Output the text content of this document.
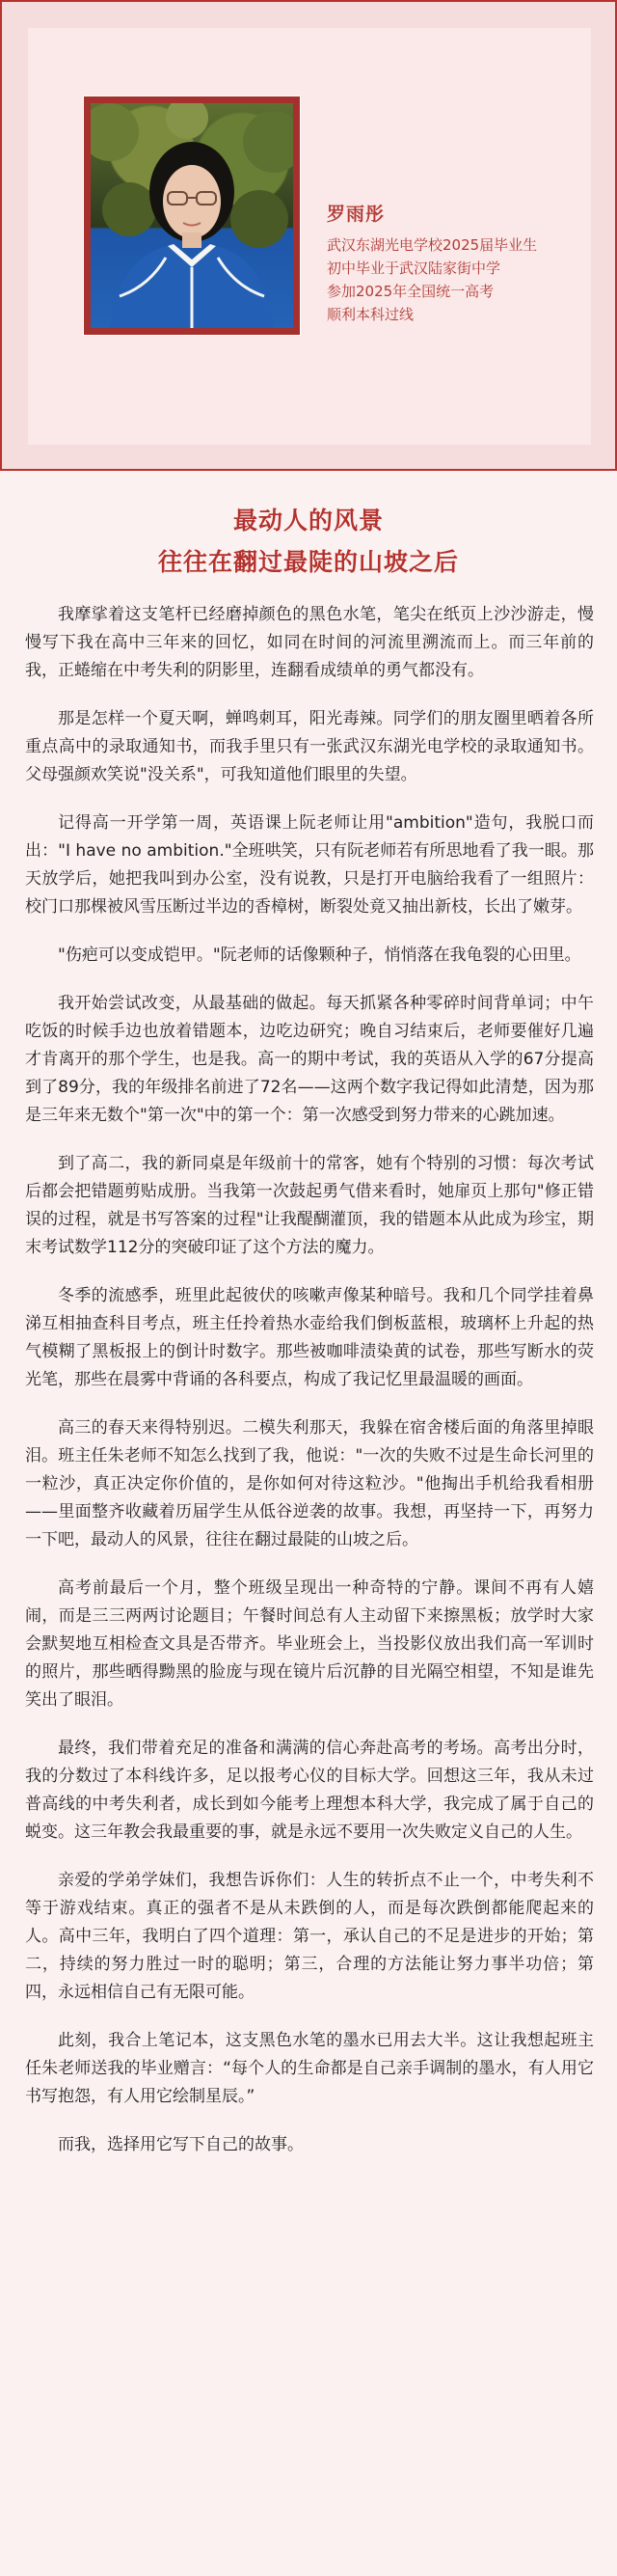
罗雨彤
武汉东湖光电学校2025届毕业生
初中毕业于武汉陆家街中学
参加2025年全国统一高考
顺利本科过线
最动人的风景
往往在翻过最陡的山坡之后

我摩挲着这支笔杆已经磨掉颜色的黑色水笔，笔尖在纸页上沙沙游走，慢慢写下我在高中三年来的回忆，如同在时间的河流里溯流而上。而三年前的我，正蜷缩在中考失利的阴影里，连翻看成绩单的勇气都没有。

那是怎样一个夏天啊，蝉鸣刺耳，阳光毒辣。同学们的朋友圈里晒着各所重点高中的录取通知书，而我手里只有一张武汉东湖光电学校的录取通知书。父母强颜欢笑说"没关系"，可我知道他们眼里的失望。

记得高一开学第一周，英语课上阮老师让用"ambition"造句，我脱口而出："I have no ambition."全班哄笑，只有阮老师若有所思地看了我一眼。那天放学后，她把我叫到办公室，没有说教，只是打开电脑给我看了一组照片：校门口那棵被风雪压断过半边的香樟树，断裂处竟又抽出新枝，长出了嫩芽。

"伤疤可以变成铠甲。"阮老师的话像颗种子，悄悄落在我龟裂的心田里。

我开始尝试改变，从最基础的做起。每天抓紧各种零碎时间背单词；中午吃饭的时候手边也放着错题本，边吃边研究；晚自习结束后，老师要催好几遍才肯离开的那个学生，也是我。高一的期中考试，我的英语从入学的67分提高到了89分，我的年级排名前进了72名——这两个数字我记得如此清楚，因为那是三年来无数个"第一次"中的第一个：第一次感受到努力带来的心跳加速。

到了高二，我的新同桌是年级前十的常客，她有个特别的习惯：每次考试后都会把错题剪贴成册。当我第一次鼓起勇气借来看时，她扉页上那句"修正错误的过程，就是书写答案的过程"让我醍醐灌顶，我的错题本从此成为珍宝，期末考试数学112分的突破印证了这个方法的魔力。

冬季的流感季，班里此起彼伏的咳嗽声像某种暗号。我和几个同学挂着鼻涕互相抽查科目考点，班主任拎着热水壶给我们倒板蓝根，玻璃杯上升起的热气模糊了黑板报上的倒计时数字。那些被咖啡渍染黄的试卷，那些写断水的荧光笔，那些在晨雾中背诵的各科要点，构成了我记忆里最温暖的画面。

高三的春天来得特别迟。二模失利那天，我躲在宿舍楼后面的角落里掉眼泪。班主任朱老师不知怎么找到了我，他说："一次的失败不过是生命长河里的一粒沙，真正决定你价值的，是你如何对待这粒沙。"他掏出手机给我看相册——里面整齐收藏着历届学生从低谷逆袭的故事。我想，再坚持一下，再努力一下吧，最动人的风景，往往在翻过最陡的山坡之后。

高考前最后一个月，整个班级呈现出一种奇特的宁静。课间不再有人嬉闹，而是三三两两讨论题目；午餐时间总有人主动留下来擦黑板；放学时大家会默契地互相检查文具是否带齐。毕业班会上，当投影仪放出我们高一军训时的照片，那些晒得黝黑的脸庞与现在镜片后沉静的目光隔空相望，不知是谁先笑出了眼泪。

最终，我们带着充足的准备和满满的信心奔赴高考的考场。高考出分时，我的分数过了本科线许多，足以报考心仪的目标大学。回想这三年，我从未过普高线的中考失利者，成长到如今能考上理想本科大学，我完成了属于自己的蜕变。这三年教会我最重要的事，就是永远不要用一次失败定义自己的人生。

亲爱的学弟学妹们，我想告诉你们：人生的转折点不止一个，中考失利不等于游戏结束。真正的强者不是从未跌倒的人，而是每次跌倒都能爬起来的人。高中三年，我明白了四个道理：第一，承认自己的不足是进步的开始；第二，持续的努力胜过一时的聪明；第三，合理的方法能让努力事半功倍；第四，永远相信自己有无限可能。

此刻，我合上笔记本，这支黑色水笔的墨水已用去大半。这让我想起班主任朱老师送我的毕业赠言：“每个人的生命都是自己亲手调制的墨水，有人用它书写抱怨，有人用它绘制星辰。”

而我，选择用它写下自己的故事。
